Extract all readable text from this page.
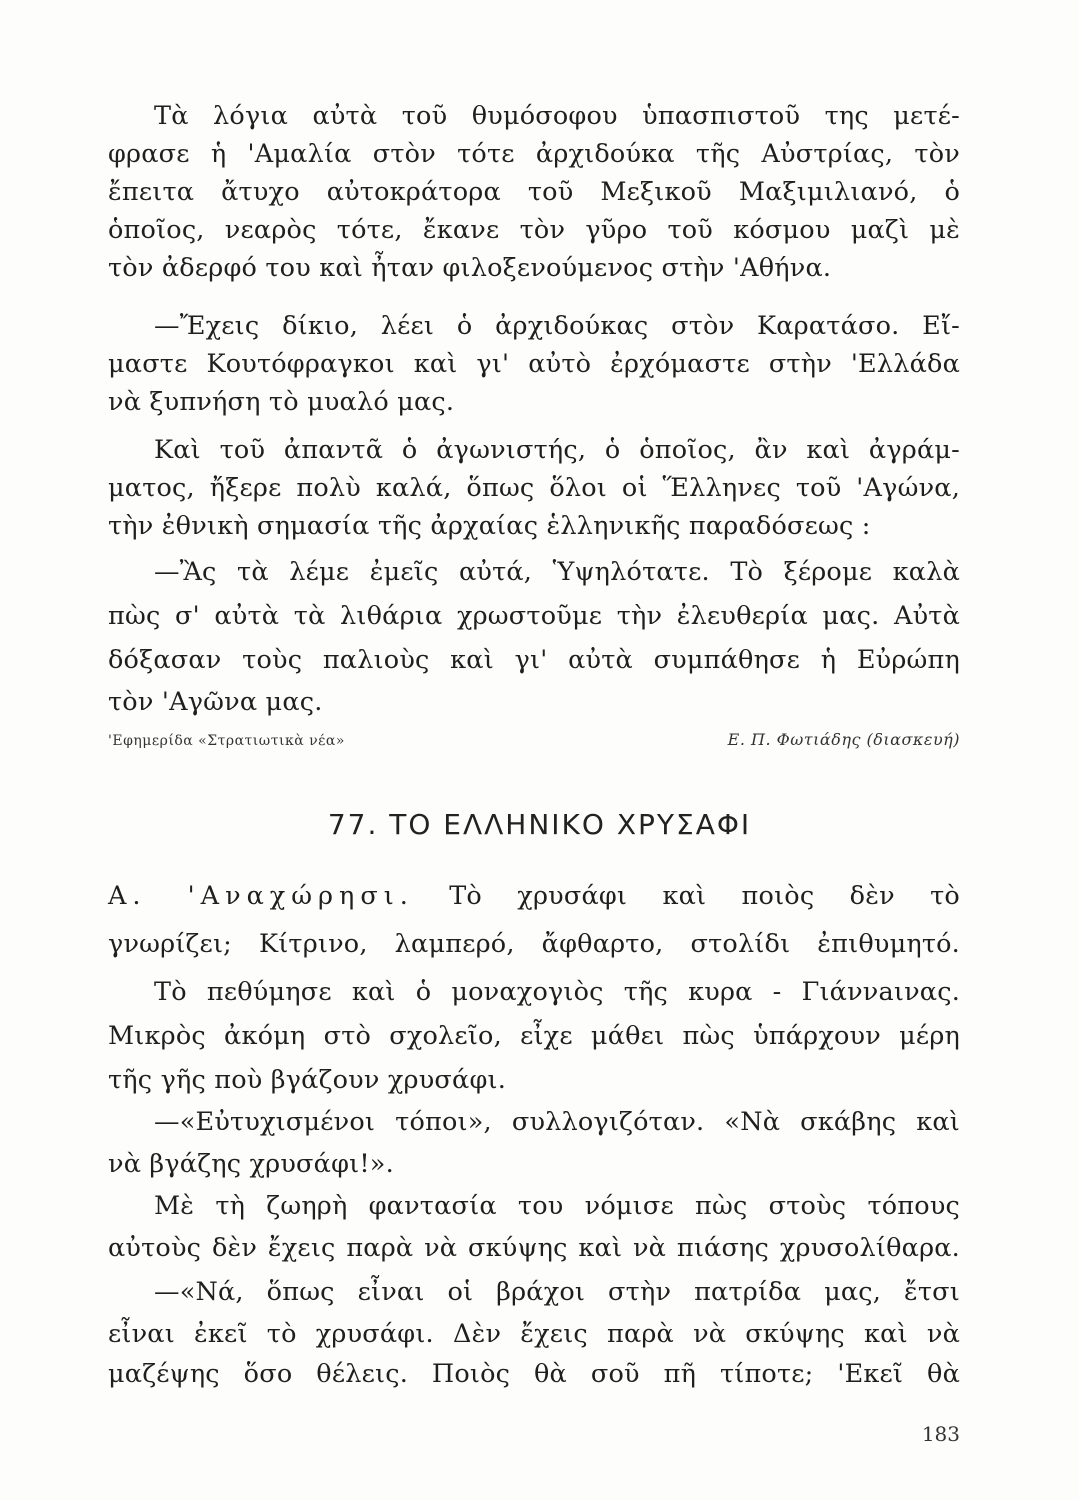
Τὰ λόγια αὐτὰ τοῦ θυμόσοφου ὑπασπιστοῦ της μετέ-
φρασε ἡ 'Αμαλία στὸν τότε ἀρχιδούκα τῆς Αὐστρίας, τὸν
ἔπειτα ἄτυχο αὐτοκράτορα τοῦ Μεξικοῦ Μαξιμιλιανό, ὁ
ὁποῖος, νεαρὸς τότε, ἔκανε τὸν γῦρο τοῦ κόσμου μαζὶ μὲ
τὸν ἀδερφό του καὶ ἦταν φιλοξενούμενος στὴν 'Αθήνα.
—Ἔχεις δίκιο, λέει ὁ ἀρχιδούκας στὸν Καρατάσο. Εἴ-
μαστε Κουτόφραγκοι καὶ γι' αὐτὸ ἐρχόμαστε στὴν 'Ελλάδα
νὰ ξυπνήση τὸ μυαλό μας.
Καὶ τοῦ ἀπαντᾶ ὁ ἀγωνιστής, ὁ ὁποῖος, ἂν καὶ ἀγράμ-
ματος, ἤξερε πολὺ καλά, ὅπως ὅλοι οἱ Ἕλληνες τοῦ 'Αγώνα,
τὴν ἐθνικὴ σημασία τῆς ἀρχαίας ἑλληνικῆς παραδόσεως :
—Ἂς τὰ λέμε ἐμεῖς αὐτά, Ὑψηλότατε. Τὸ ξέρομε καλὰ
πὼς σ' αὐτὰ τὰ λιθάρια χρωστοῦμε τὴν ἐλευθερία μας. Αὐτὰ
δόξασαν τοὺς παλιοὺς καὶ γι' αὐτὰ συμπάθησε ἡ Εὐρώπη
τὸν 'Αγῶνα μας.
'Εφημερίδα «Στρατιωτικὰ νέα»	Ε. Π. Φωτιάδης (διασκευή)
77. ΤΟ ΕΛΛΗΝΙΚΟ ΧΡΥΣΑΦΙ
Α. 'Αναχώρησι. Τὸ χρυσάφι καὶ ποιὸς δὲν τὸ
γνωρίζει; Κίτρινο, λαμπερό, ἄφθαρτο, στολίδι ἐπιθυμητό.
Τὸ πεθύμησε καὶ ὁ μοναχογιὸς τῆς κυρα - Γιάννaινας.
Μικρὸς ἀκόμη στὸ σχολεῖο, εἶχε μάθει πὼς ὑπάρχουν μέρη
τῆς γῆς ποὺ βγάζουν χρυσάφι.
—«Εὐτυχισμένοι τόποι», συλλογιζόταν. «Νὰ σκάβης καὶ
νὰ βγάζης χρυσάφι!».
Μὲ τὴ ζωηρὴ φαντασία του νόμισε πὼς στοὺς τόπους
αὐτοὺς δὲν ἔχεις παρὰ νὰ σκύψης καὶ νὰ πιάσης χρυσολίθαρα.
—«Νά, ὅπως εἶναι οἱ βράχοι στὴν πατρίδα μας, ἔτσι
εἶναι ἐκεῖ τὸ χρυσάφι. Δὲν ἔχεις παρὰ νὰ σκύψης καὶ νὰ
μαζέψης ὅσο θέλεις. Ποιὸς θὰ σοῦ πῆ τίποτε; 'Εκεῖ θὰ
183
